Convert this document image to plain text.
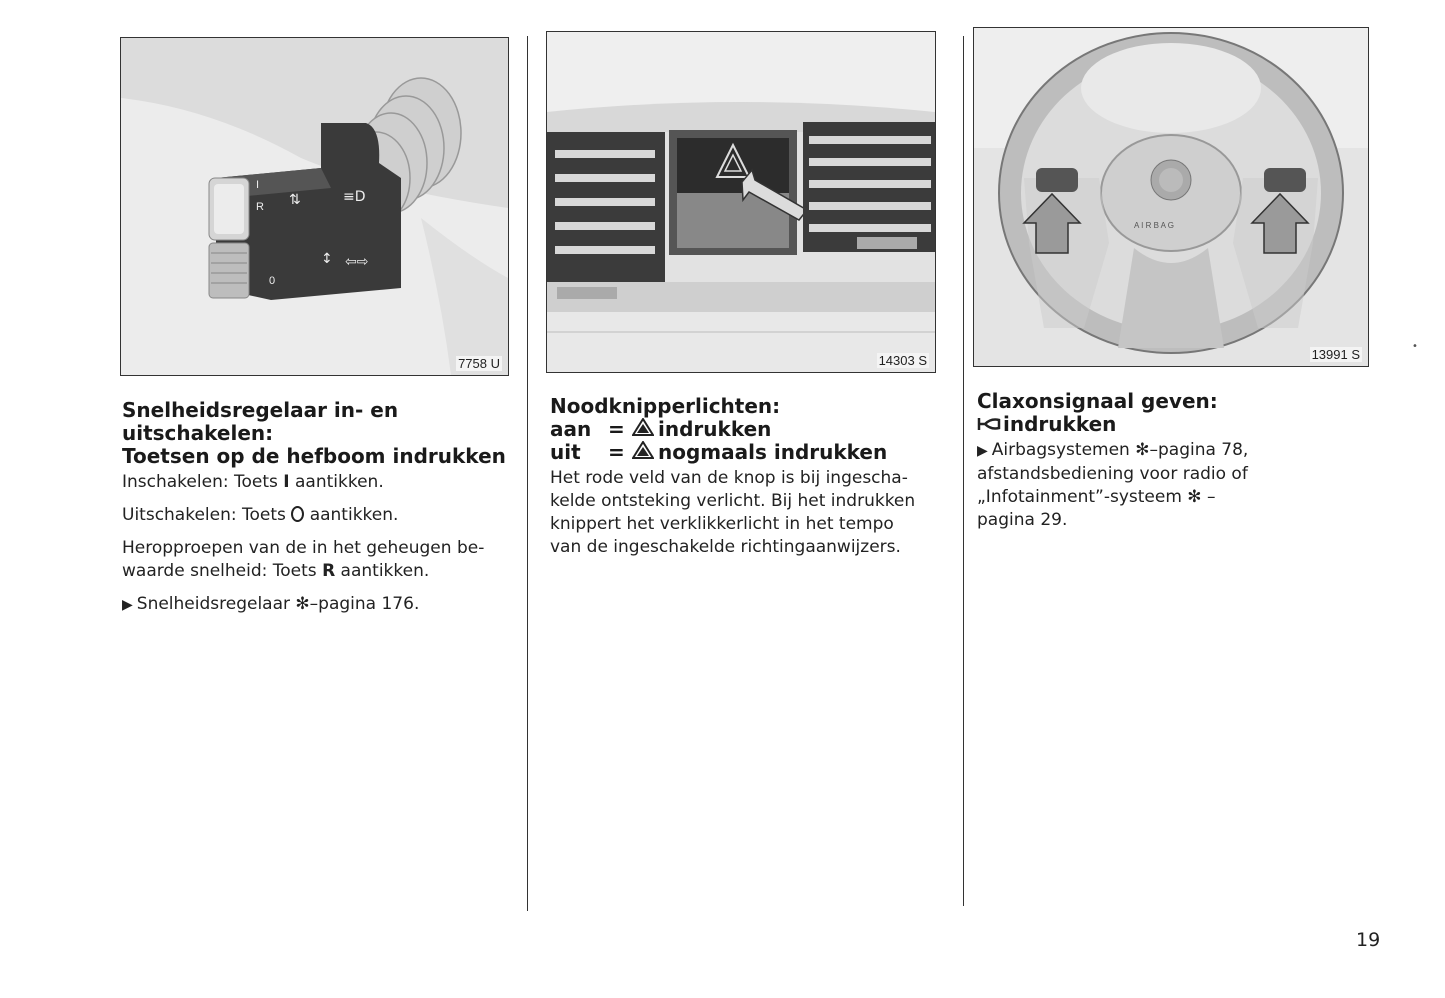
I
R
0
⇅
↕ ⇦⇨
≡D
7758 U	14303 S
A I R B A G
13991 S

Snelheidsregelaar in- en

uitschakelen:

Toetsen op de hefboom indrukken

Inschakelen: Toets I aantikken.

Uitschakelen: Toets  aantikken.

Heropproepen van de in het geheugen be-

waarde snelheid: Toets R aantikken.

▶ Snelheidsregelaar ✻–pagina 176.

Noodknipperlichten:

aan =	indrukken
uit	=	nogmaals indrukken

Het rode veld van de knop is bij ingescha-

kelde ontsteking verlicht. Bij het indrukken

knippert het verklikkerlicht in het tempo

van de ingeschakelde richtingaanwijzers.

Claxonsignaal geven:

indrukken

▶ Airbagsystemen ✻–pagina 78,

afstandsbediening voor radio of

„Infotainment”-systeem ✻ –

pagina 29.

•
19
